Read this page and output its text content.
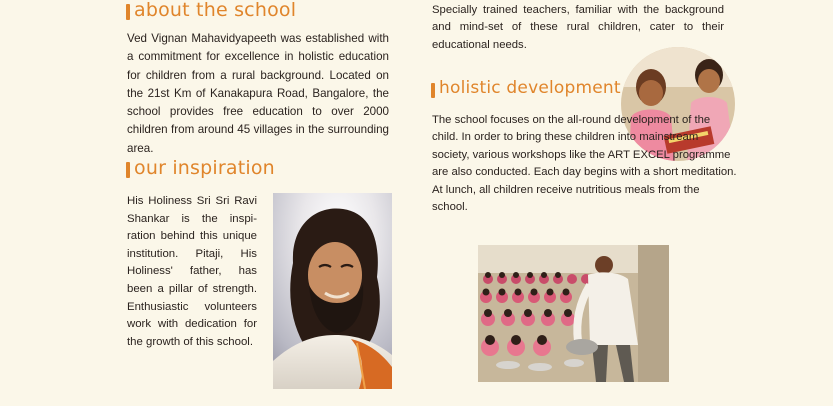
about the school

Ved Vignan Mahavidyapeeth was established with a commitment for excellence in holistic education for children from a rural background. Located on the 21st Km of Kanakapura Road, Bangalore, the school provides free education to over 2000 children from around 45 villages in the surrounding area.

our inspiration

His Holiness Sri Sri Ravi Shankar is the inspi-ration behind this unique institution. Pitaji, His Holiness' father, has been a pillar of strength. Enthusiastic volunteers work with dedication for the growth of this school.

Specially trained teachers, familiar with the background and mind-set of these rural children, cater to their educational needs.

holistic development

The school focuses on the all-round development of the child. In order to bring these children into mainstream society, various workshops like the ART EXCEL programme are also conducted. Each day begins with a short meditation. At lunch, all children receive nutritious meals from the school.
